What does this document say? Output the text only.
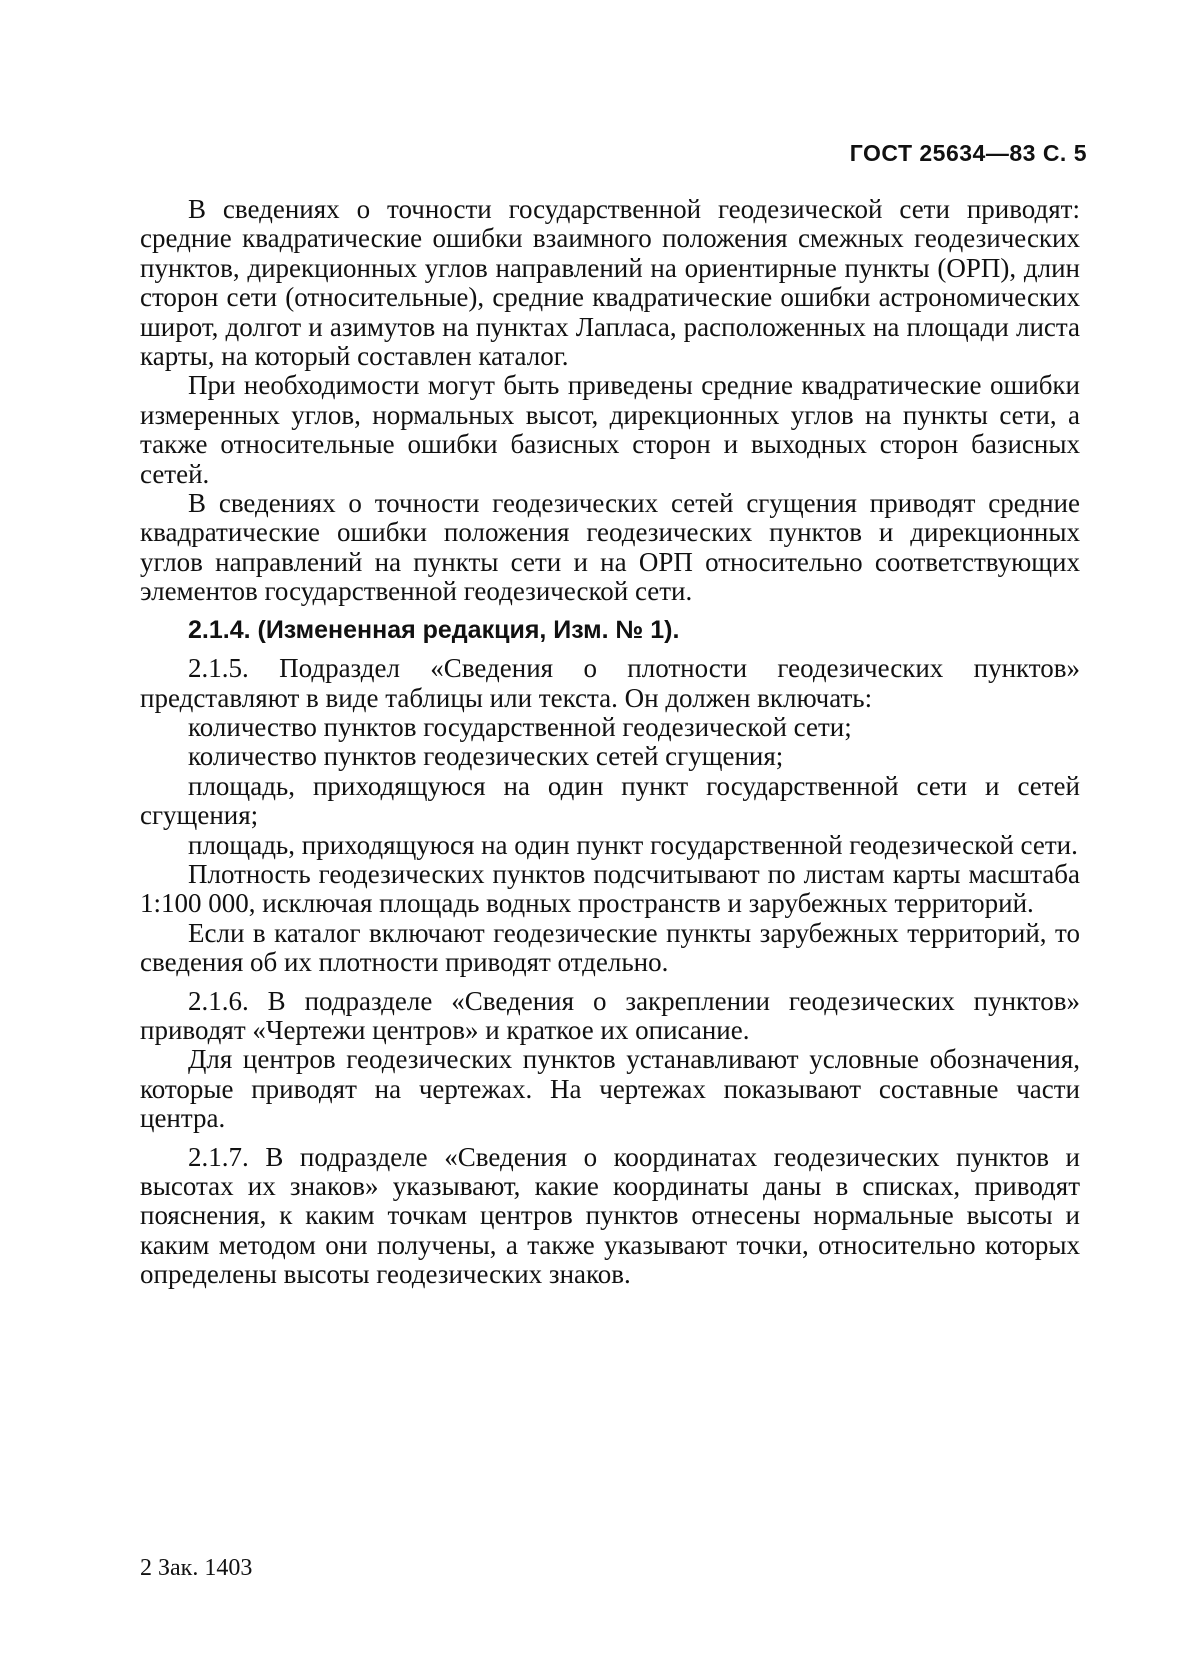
ГОСТ 25634—83 С. 5

В сведениях о точности государственной геодезической сети приводят: средние квадратические ошибки взаимного положения смежных геодезических пунктов, дирекционных углов направлений на ориентирные пункты (ОРП), длин сторон сети (относительные), средние квадратические ошибки астрономических широт, долгот и азимутов на пунктах Лапласа, расположенных на площади листа карты, на который составлен каталог.

При необходимости могут быть приведены средние квадратические ошибки измеренных углов, нормальных высот, дирекционных углов на пункты сети, а также относительные ошибки базисных сторон и выходных сторон базисных сетей.

В сведениях о точности геодезических сетей сгущения приводят средние квадратические ошибки положения геодезических пунктов и дирекционных углов направлений на пункты сети и на ОРП относительно соответствующих элементов государственной геодезической сети.

2.1.4. (Измененная редакция, Изм. № 1).

2.1.5. Подраздел «Сведения о плотности геодезических пунктов» представляют в виде таблицы или текста. Он должен включать:

количество пунктов государственной геодезической сети;

количество пунктов геодезических сетей сгущения;

площадь, приходящуюся на один пункт государственной сети и сетей сгущения;

площадь, приходящуюся на один пункт государственной геодезической сети.

Плотность геодезических пунктов подсчитывают по листам карты масштаба 1:100 000, исключая площадь водных пространств и зарубежных территорий.

Если в каталог включают геодезические пункты зарубежных территорий, то сведения об их плотности приводят отдельно.

2.1.6. В подразделе «Сведения о закреплении геодезических пунктов» приводят «Чертежи центров» и краткое их описание.

Для центров геодезических пунктов устанавливают условные обозначения, которые приводят на чертежах. На чертежах показывают составные части центра.

2.1.7. В подразделе «Сведения о координатах геодезических пунктов и высотах их знаков» указывают, какие координаты даны в списках, приводят пояснения, к каким точкам центров пунктов отнесены нормальные высоты и каким методом они получены, а также указывают точки, относительно которых определены высоты геодезических знаков.

2 Зак. 1403
